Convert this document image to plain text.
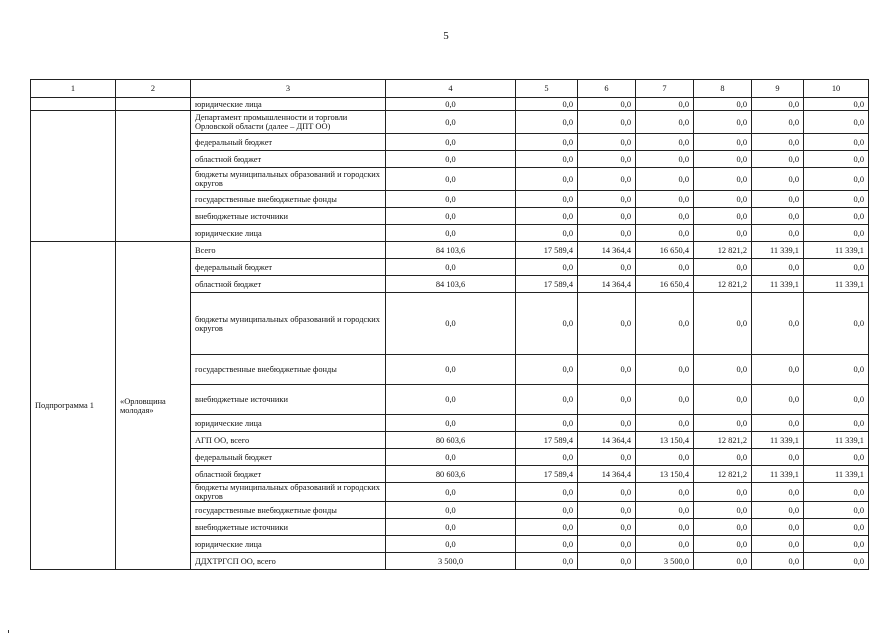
5
1	2	3	4	5	6	7	8	9	10
		юридические лица	0,0	0,0	0,0	0,0	0,0	0,0	0,0
		Департамент промышленности и торговли Орловской области (далее – ДПТ ОО)	0,0	0,0	0,0	0,0	0,0	0,0	0,0
		федеральный бюджет	0,0	0,0	0,0	0,0	0,0	0,0	0,0
		областной бюджет	0,0	0,0	0,0	0,0	0,0	0,0	0,0
		бюджеты муниципальных образований и городских округов	0,0	0,0	0,0	0,0	0,0	0,0	0,0
		государственные внебюджетные фонды	0,0	0,0	0,0	0,0	0,0	0,0	0,0
		внебюджетные источники	0,0	0,0	0,0	0,0	0,0	0,0	0,0
		юридические лица	0,0	0,0	0,0	0,0	0,0	0,0	0,0
Подпрограмма 1	«Орловщина молодая»	Всего	84 103,6	17 589,4	14 364,4	16 650,4	12 821,2	11 339,1	11 339,1
		федеральный бюджет	0,0	0,0	0,0	0,0	0,0	0,0	0,0
		областной бюджет	84 103,6	17 589,4	14 364,4	16 650,4	12 821,2	11 339,1	11 339,1
		бюджеты муниципальных образований и городских округов	0,0	0,0	0,0	0,0	0,0	0,0	0,0
		государственные внебюджетные фонды	0,0	0,0	0,0	0,0	0,0	0,0	0,0
		внебюджетные источники	0,0	0,0	0,0	0,0	0,0	0,0	0,0
		юридические лица	0,0	0,0	0,0	0,0	0,0	0,0	0,0
		АГП ОО, всего	80 603,6	17 589,4	14 364,4	13 150,4	12 821,2	11 339,1	11 339,1
		федеральный бюджет	0,0	0,0	0,0	0,0	0,0	0,0	0,0
		областной бюджет	80 603,6	17 589,4	14 364,4	13 150,4	12 821,2	11 339,1	11 339,1
		бюджеты муниципальных образований и городских округов	0,0	0,0	0,0	0,0	0,0	0,0	0,0
		государственные внебюджетные фонды	0,0	0,0	0,0	0,0	0,0	0,0	0,0
		внебюджетные источники	0,0	0,0	0,0	0,0	0,0	0,0	0,0
		юридические лица	0,0	0,0	0,0	0,0	0,0	0,0	0,0
		ДДХТРГСП ОО, всего	3 500,0	0,0	0,0	3 500,0	0,0	0,0	0,0
